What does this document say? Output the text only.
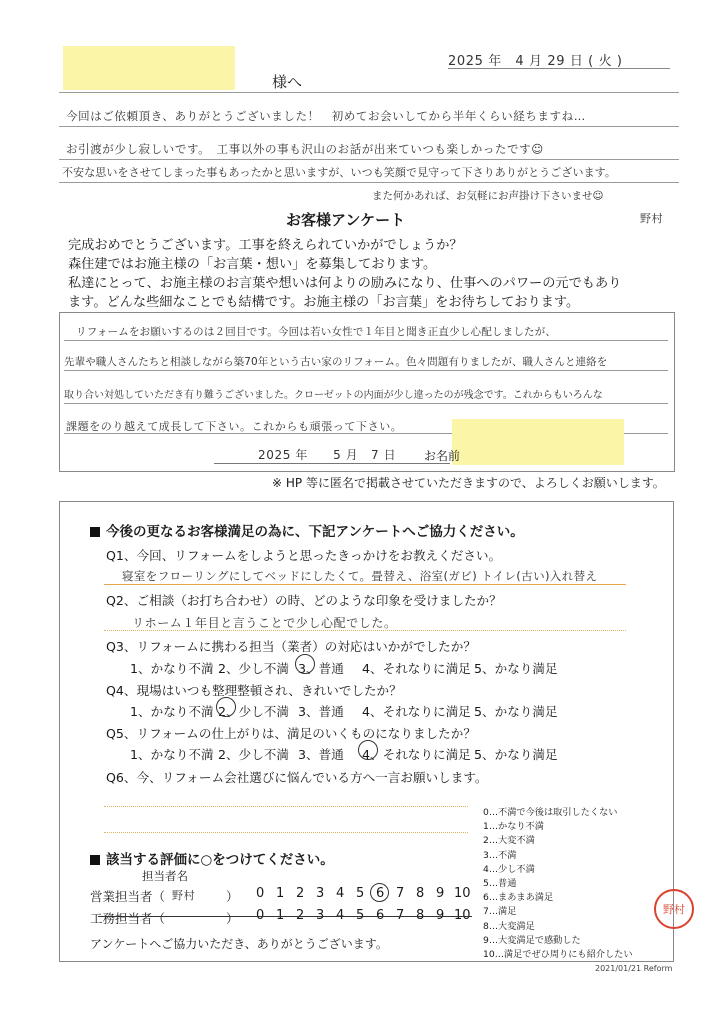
2025 年　4 月 29 日 ( 火 )
様へ
今回はご依頼頂き、ありがとうございました！　初めてお会いしてから半年くらい経ちますね…
お引渡が少し寂しいです。　工事以外の事も沢山のお話が出来ていつも楽しかったです☺
不安な思いをさせてしまった事もあったかと思いますが、いつも笑顔で見守って下さりありがとうございます。
また何かあれば、お気軽にお声掛け下さいませ☺
野村
お客様アンケート
完成おめでとうございます。工事を終えられていかがでしょうか？
森住建ではお施主様の「お言葉・想い」を募集しております。
私達にとって、お施主様のお言葉や想いは何よりの励みになり、仕事へのパワーの元でもあり
ます。どんな些細なことでも結構です。お施主様の「お言葉」をお待ちしております。
リフォームをお願いするのは２回目です。今回は若い女性で１年目と聞き正直少し心配しましたが、
先輩や職人さんたちと相談しながら築70年という古い家のリフォーム。色々問題有りましたが、職人さんと連絡を
取り合い対処していただき有り難うございました。クローゼットの内面が少し違ったのが残念です。これからもいろんな
課題をのり越えて成長して下さい。これからも頑張って下さい。
2025 年　　5 月　7 日 お名前
※ HP 等に匿名で掲載させていただきますので、よろしくお願いします。
今後の更なるお客様満足の為に、下記アンケートへご協力ください。
Q1、今回、リフォームをしようと思ったきっかけをお教えください。
寝室をフローリングにしてベッドにしたくて。畳替え、浴室(ガビ) トイレ(古い)入れ替え
Q2、ご相談（お打ち合わせ）の時、どのような印象を受けましたか？
リホーム１年目と言うことで少し心配でした。
Q3、リフォームに携わる担当（業者）の対応はいかがでしたか？
1、かなり不満 2、少し不満 3、普通 4、それなりに満足 5、かなり満足
Q4、現場はいつも整理整頓され、きれいでしたか？
1、かなり不満 2、少し不満 3、普通 4、それなりに満足 5、かなり満足
Q5、リフォームの仕上がりは、満足のいくものになりましたか？
1、かなり不満 2、少し不満 3、普通 4、それなりに満足 5、かなり満足
Q6、今、リフォーム会社選びに悩んでいる方へ一言お願いします。
0…不満で今後は取引したくない
1…かなり不満
2…大変不満
3…不満
4…少し不満
5…普通
6…まあまあ満足
7…満足
8…大変満足
9…大変満足で感動した
10…満足でぜひ周りにも紹介したい
該当する評価に○をつけてください。
担当者名
営業担当者（ 野村 ） 0 1 2 3 4 5 6 7 8 9 10
工務担当者（	） 0 1 2 3 4 5 6 7 8 9 10
アンケートへご協力いただき、ありがとうございます。
野村
2021/01/21 Reform
